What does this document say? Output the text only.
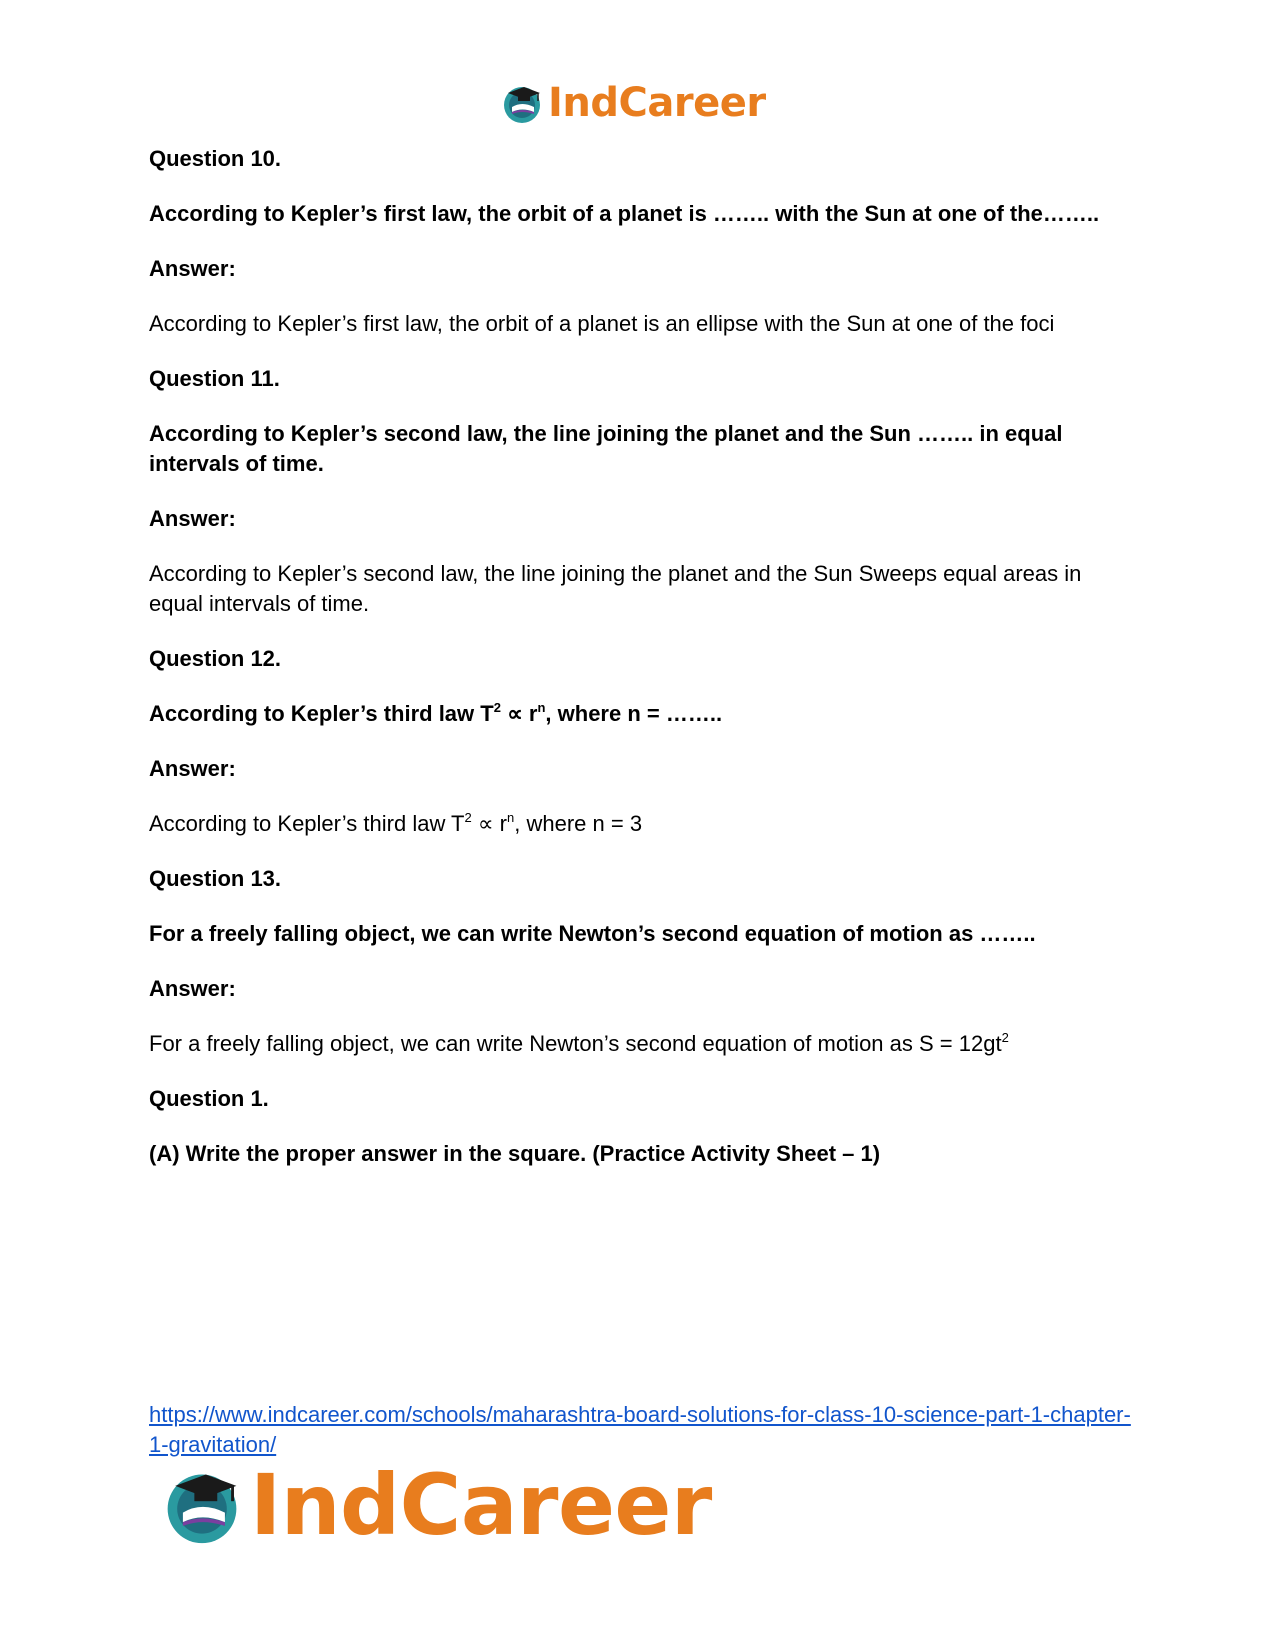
IndCareer

Question 10.

According to Kepler’s first law, the orbit of a planet is …….. with the Sun at one of the……..

Answer:

According to Kepler’s first law, the orbit of a planet is an ellipse with the Sun at one of the foci

Question 11.

According to Kepler’s second law, the line joining the planet and the Sun …….. in equal intervals of time.

Answer:

According to Kepler’s second law, the line joining the planet and the Sun Sweeps equal areas in equal intervals of time.

Question 12.

According to Kepler’s third law $T^2 \propto r^n$, where n = ……..

Answer:

According to Kepler’s third law $T^2 \propto r^n$, where n = 3

Question 13.

For a freely falling object, we can write Newton’s second equation of motion as ……..

Answer:

For a freely falling object, we can write Newton’s second equation of motion as $S = 12gt^2$

Question 1.

(A) Write the proper answer in the square. (Practice Activity Sheet – 1)

https://www.indcareer.com/schools/maharashtra-board-solutions-for-class-10-science-part-1-chapter-1-gravitation/
IndCareer
